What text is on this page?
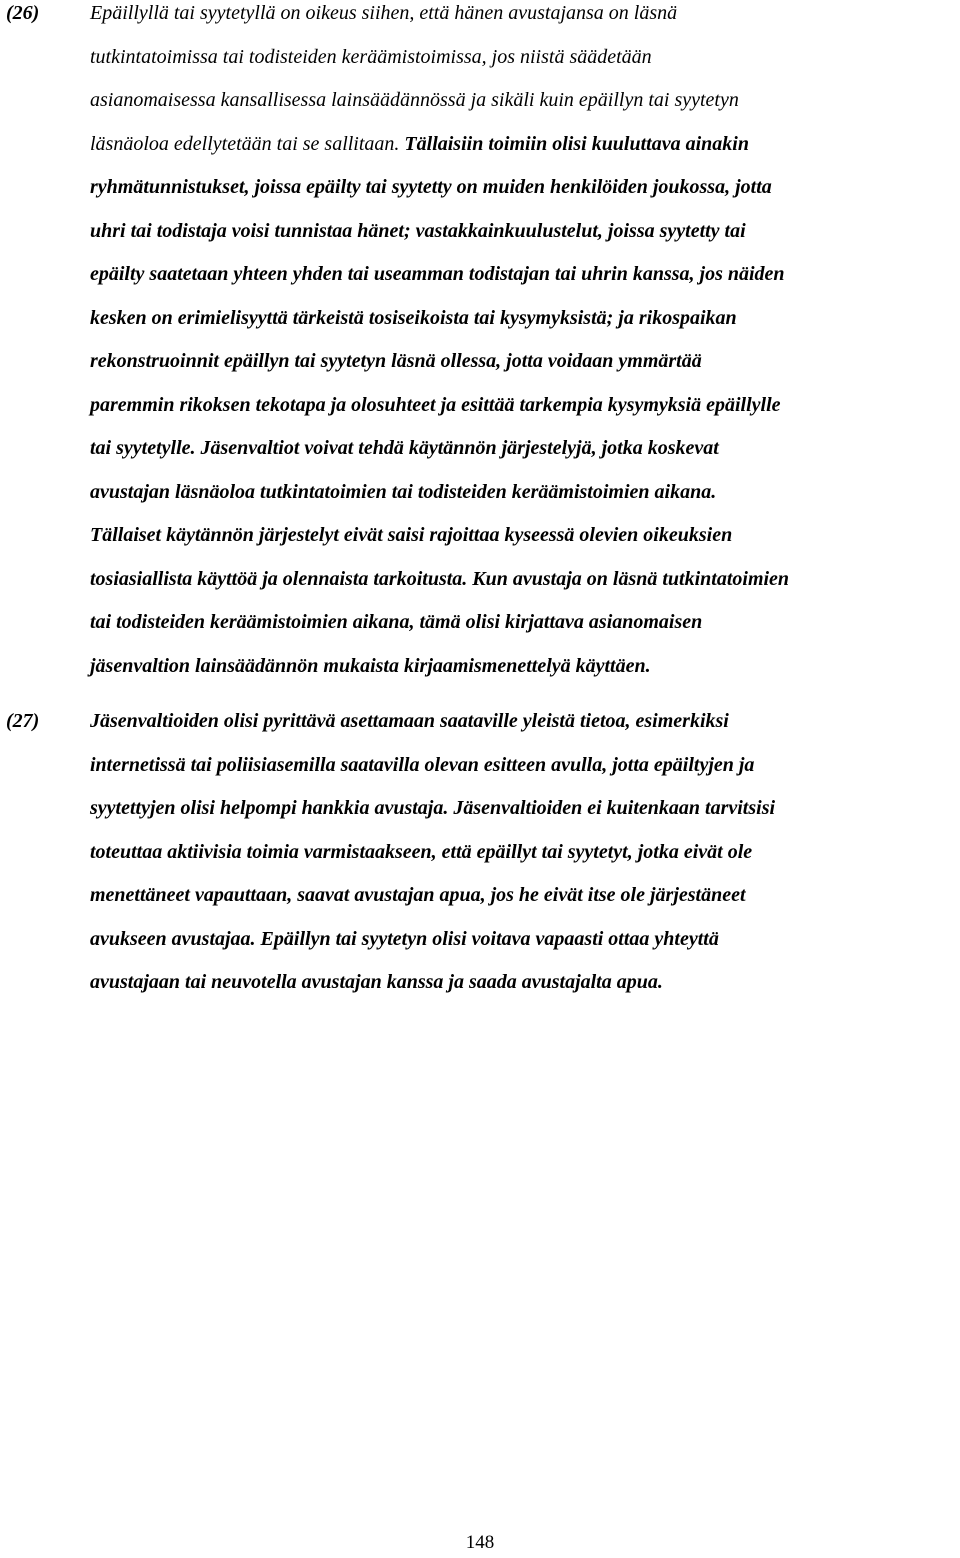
(26)	Epäillyllä tai syytetyllä on oikeus siihen, että hänen avustajansa on läsnä
tutkintatoimissa tai todisteiden keräämistoimissa, jos niistä säädetään
asianomaisessa kansallisessa lainsäädännössä ja sikäli kuin epäillyn tai syytetyn
läsnäoloa edellytetään tai se sallitaan. Tällaisiin toimiin olisi kuuluttava ainakin
ryhmätunnistukset, joissa epäilty tai syytetty on muiden henkilöiden joukossa, jotta
uhri tai todistaja voisi tunnistaa hänet; vastakkainkuulustelut, joissa syytetty tai
epäilty saatetaan yhteen yhden tai useamman todistajan tai uhrin kanssa, jos näiden
kesken on erimielisyyttä tärkeistä tosiseikoista tai kysymyksistä; ja rikospaikan
rekonstruoinnit epäillyn tai syytetyn läsnä ollessa, jotta voidaan ymmärtää
paremmin rikoksen tekotapa ja olosuhteet ja esittää tarkempia kysymyksiä epäillylle
tai syytetylle. Jäsenvaltiot voivat tehdä käytännön järjestelyjä, jotka koskevat
avustajan läsnäoloa tutkintatoimien tai todisteiden keräämistoimien aikana.
Tällaiset käytännön järjestelyt eivät saisi rajoittaa kyseessä olevien oikeuksien
tosiasiallista käyttöä ja olennaista tarkoitusta. Kun avustaja on läsnä tutkintatoimien
tai todisteiden keräämistoimien aikana, tämä olisi kirjattava asianomaisen
jäsenvaltion lainsäädännön mukaista kirjaamismenettelyä käyttäen.
(27)	Jäsenvaltioiden olisi pyrittävä asettamaan saataville yleistä tietoa, esimerkiksi
internetissä tai poliisiasemilla saatavilla olevan esitteen avulla, jotta epäiltyjen ja
syytettyjen olisi helpompi hankkia avustaja. Jäsenvaltioiden ei kuitenkaan tarvitsisi
toteuttaa aktiivisia toimia varmistaakseen, että epäillyt tai syytetyt, jotka eivät ole
menettäneet vapauttaan, saavat avustajan apua, jos he eivät itse ole järjestäneet
avukseen avustajaa. Epäillyn tai syytetyn olisi voitava vapaasti ottaa yhteyttä
avustajaan tai neuvotella avustajan kanssa ja saada avustajalta apua.
148
